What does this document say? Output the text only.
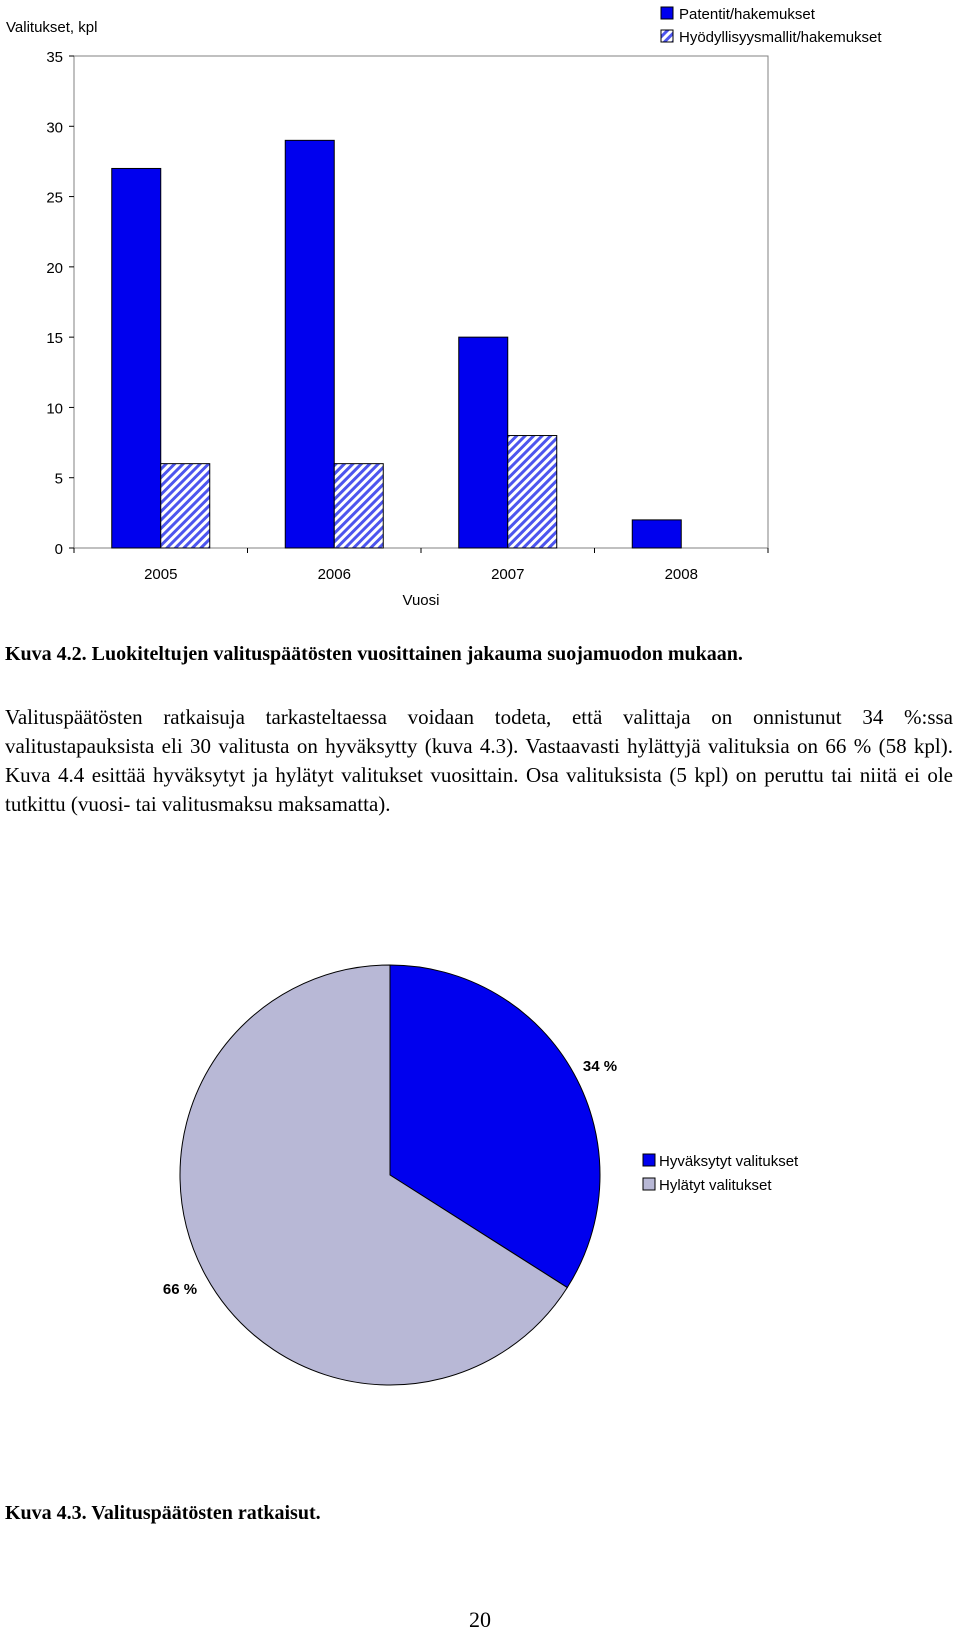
0
5
10
15
20
25
30
35
2005	2006	2007	2008
Valitukset, kpl
Vuosi
Patentit/hakemukset
Hyödyllisyysmallit/hakemukset
Kuva 4.2. Luokiteltujen valituspäätösten vuosittainen jakauma suojamuodon mukaan.

Valituspäätösten ratkaisuja tarkasteltaessa voidaan todeta, että valittaja on onnistunut 34 %:ssa valitustapauksista eli 30 valitusta on hyväksytty (kuva 4.3). Vastaavasti hylättyjä valituksia on 66 % (58 kpl). Kuva 4.4 esittää hyväksytyt ja hylätyt valitukset vuosittain. Osa valituksista (5 kpl) on peruttu tai niitä ei ole tutkittu (vuosi- tai valitusmaksu maksamatta).

34 %
66 %
Hyväksytyt valitukset
Hylätyt valitukset
Kuva 4.3. Valituspäätösten ratkaisut.
20
